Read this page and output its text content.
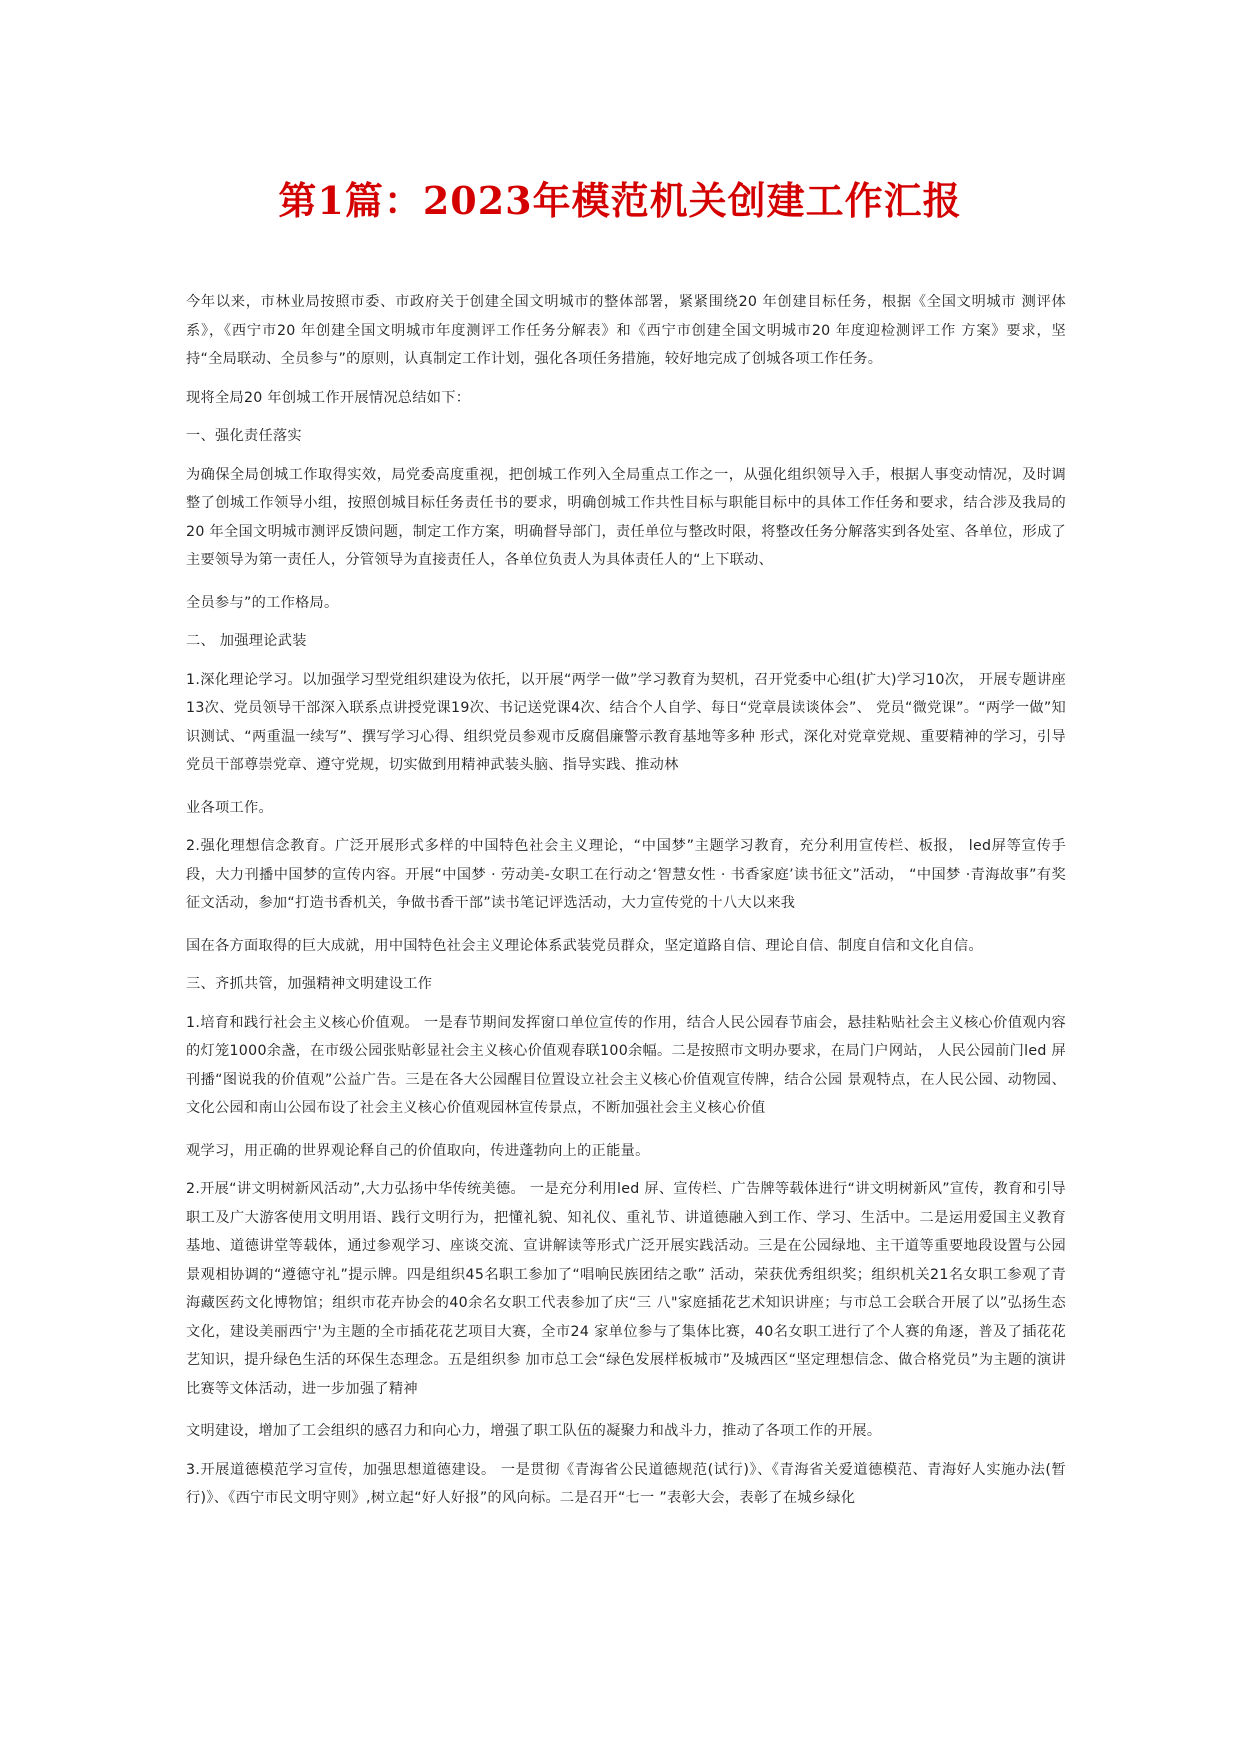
第1篇：2023年模范机关创建工作汇报

今年以来，市林业局按照市委、市政府关于创建全国文明城市的整体部署，紧紧围绕20 年创建目标任务，根据《全国文明城市 测评体系》，《西宁市20 年创建全国文明城市年度测评工作任务分解表》和《西宁市创建全国文明城市20 年度迎检测评工作 方案》要求，坚持“全局联动、全员参与”的原则，认真制定工作计划，强化各项任务措施，较好地完成了创城各项工作任务。

现将全局20 年创城工作开展情况总结如下：

一、强化责任落实

为确保全局创城工作取得实效，局党委高度重视，把创城工作列入全局重点工作之一，从强化组织领导入手，根据人事变动情况，及时调整了创城工作领导小组，按照创城目标任务责任书的要求，明确创城工作共性目标与职能目标中的具体工作任务和要求，结合涉及我局的20 年全国文明城市测评反馈问题，制定工作方案，明确督导部门，责任单位与整改时限，将整改任务分解落实到各处室、各单位，形成了主要领导为第一责任人，分管领导为直接责任人，各单位负责人为具体责任人的“上下联动、

全员参与”的工作格局。

二、 加强理论武装

1.深化理论学习。以加强学习型党组织建设为依托，以开展“两学一做”学习教育为契机，召开党委中心组(扩大)学习10次， 开展专题讲座13次、党员领导干部深入联系点讲授党课19次、书记送党课4次、结合个人自学、每日“党章晨读谈体会”、 党员“微党课”。“两学一做”知识测试、“两重温一续写”、撰写学习心得、组织党员参观市反腐倡廉警示教育基地等多种 形式，深化对党章党规、重要精神的学习，引导党员干部尊崇党章、遵守党规，切实做到用精神武装头脑、指导实践、推动林

业各项工作。

2.强化理想信念教育。广泛开展形式多样的中国特色社会主义理论，“中国梦”主题学习教育，充分利用宣传栏、板报， led屏等宣传手段，大力刊播中国梦的宣传内容。开展“中国梦 · 劳动美-女职工在行动之‘智慧女性 · 书香家庭’读书征文”活动， “中国梦 ·青海故事”有奖征文活动，参加“打造书香机关，争做书香干部”读书笔记评选活动，大力宣传党的十八大以来我

国在各方面取得的巨大成就，用中国特色社会主义理论体系武装党员群众，坚定道路自信、理论自信、制度自信和文化自信。

三、齐抓共管，加强精神文明建设工作

1.培育和践行社会主义核心价值观。 一是春节期间发挥窗口单位宣传的作用，结合人民公园春节庙会，悬挂粘贴社会主义核心价值观内容的灯笼1000余盏，在市级公园张贴彰显社会主义核心价值观春联100余幅。二是按照市文明办要求，在局门户网站， 人民公园前门led 屏刊播“图说我的价值观”公益广告。三是在各大公园醒目位置设立社会主义核心价值观宣传牌，结合公园 景观特点，在人民公园、动物园、文化公园和南山公园布设了社会主义核心价值观园林宣传景点，不断加强社会主义核心价值

观学习，用正确的世界观论释自己的价值取向，传进蓬勃向上的正能量。

2.开展“讲文明树新风活动”,大力弘扬中华传统美德。 一是充分利用led 屏、宣传栏、广告牌等载体进行“讲文明树新风”宣传，教育和引导职工及广大游客使用文明用语、践行文明行为，把懂礼貌、知礼仪、重礼节、讲道德融入到工作、学习、生活中。二是运用爱国主义教育基地、道德讲堂等载体，通过参观学习、座谈交流、宣讲解读等形式广泛开展实践活动。三是在公园绿地、主干道等重要地段设置与公园景观相协调的“遵德守礼”提示牌。四是组织45名职工参加了“唱响民族团结之歌” 活动，荣获优秀组织奖；组织机关21名女职工参观了青海藏医药文化博物馆；组织市花卉协会的40余名女职工代表参加了庆“三 八"家庭插花艺术知识讲座；与市总工会联合开展了以”弘扬生态文化，建设美丽西宁'为主题的全市插花花艺项目大赛，全市24 家单位参与了集体比赛，40名女职工进行了个人赛的角逐，普及了插花花艺知识，提升绿色生活的环保生态理念。五是组织参 加市总工会“绿色发展样板城市”及城西区“坚定理想信念、做合格党员”为主题的演讲比赛等文体活动，进一步加强了精神

文明建设，增加了工会组织的感召力和向心力，增强了职工队伍的凝聚力和战斗力，推动了各项工作的开展。

3.开展道德模范学习宣传，加强思想道德建设。 一是贯彻《青海省公民道德规范(试行)》、《青海省关爱道德模范、青海好人实施办法(暂行)》、《西宁市民文明守则》,树立起“好人好报”的风向标。二是召开“七一 ”表彰大会，表彰了在城乡绿化
